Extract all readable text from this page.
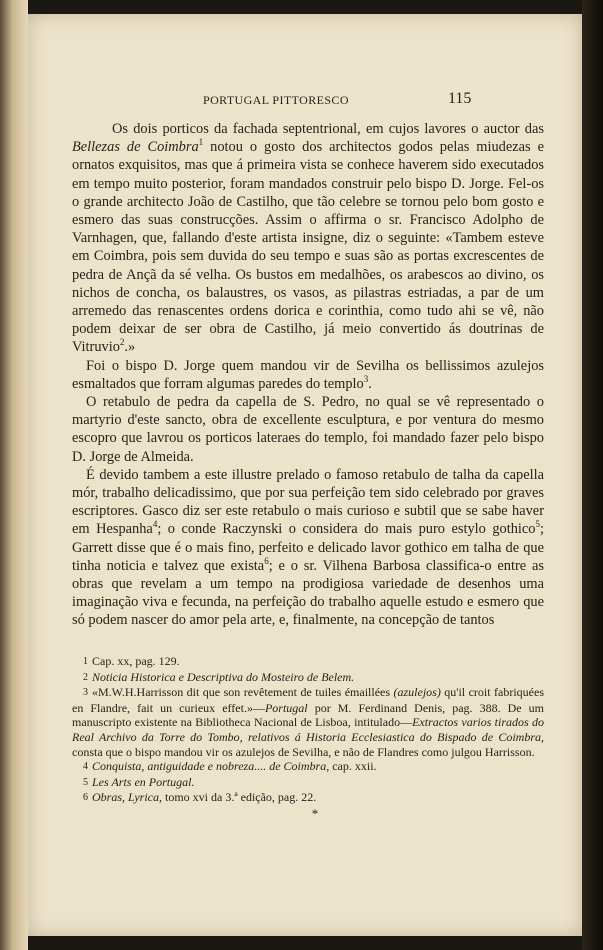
PORTUGAL PITTORESCO	115

Os dois porticos da fachada septentrional, em cujos lavores o auctor das Bellezas de Coimbra$^1$ notou o gosto dos architectos godos pelas miudezas e ornatos exquisitos, mas que á primeira vista se conhece haverem sido executados em tempo muito posterior, foram mandados construir pelo bispo D. Jorge. Fel-os o grande architecto João de Castilho, que tão celebre se tornou pelo bom gosto e esmero das suas construcções. Assim o affirma o sr. Francisco Adolpho de Varnhagen, que, fallando d'este artista insigne, diz o seguinte: «Tambem esteve em Coimbra, pois sem duvida do seu tempo e suas são as portas excrescentes de pedra de Ançã da sé velha. Os bustos em medalhões, os arabescos ao divino, os nichos de concha, os balaustres, os vasos, as pilastras estriadas, a par de um arremedo das renascentes ordens dorica e corinthia, como tudo ahi se vê, não podem deixar de ser obra de Castilho, já meio convertido ás doutrinas de Vitruvio$^2$.»

Foi o bispo D. Jorge quem mandou vir de Sevilha os bellissimos azulejos esmaltados que forram algumas paredes do templo$^3$.

O retabulo de pedra da capella de S. Pedro, no qual se vê representado o martyrio d'este sancto, obra de excellente esculptura, e por ventura do mesmo escopro que lavrou os porticos lateraes do templo, foi mandado fazer pelo bispo D. Jorge de Almeida.

É devido tambem a este illustre prelado o famoso retabulo de talha da capella mór, trabalho delicadissimo, que por sua perfeição tem sido celebrado por graves escriptores. Gasco diz ser este retabulo o mais curioso e subtil que se sabe haver em Hespanha$^4$; o conde Raczynski o considera do mais puro estylo gothico$^5$; Garrett disse que é o mais fino, perfeito e delicado lavor gothico em talha de que tinha noticia e talvez que exista$^6$; e o sr. Vilhena Barbosa classifica-o entre as obras que revelam a um tempo na prodigiosa variedade de desenhos uma imaginação viva e fecunda, na perfeição do trabalho aquelle estudo e esmero que só podem nascer do amor pela arte, e, finalmente, na concepção de tantos

1 Cap. xx, pag. 129.

2 Noticia Historica e Descriptiva do Mosteiro de Belem.

3 «M.W.H.Harrisson dit que son revêtement de tuiles émaillées (azulejos) qu'il croit fabriquées en Flandre, fait un curieux effet.»—Portugal por M. Ferdinand Denis, pag. 388. De um manuscripto existente na Bibliotheca Nacional de Lisboa, intitulado—Extractos varios tirados do Real Archivo da Torre do Tombo, relativos á Historia Ecclesiastica do Bispado de Coimbra, consta que o bispo mandou vir os azulejos de Sevilha, e não de Flandres como julgou Harrisson.

4 Conquista, antiguidade e nobreza.... de Coimbra, cap. xxii.

5 Les Arts en Portugal.

6 Obras, Lyrica, tomo xvi da 3.ª edição, pag. 22.

*
